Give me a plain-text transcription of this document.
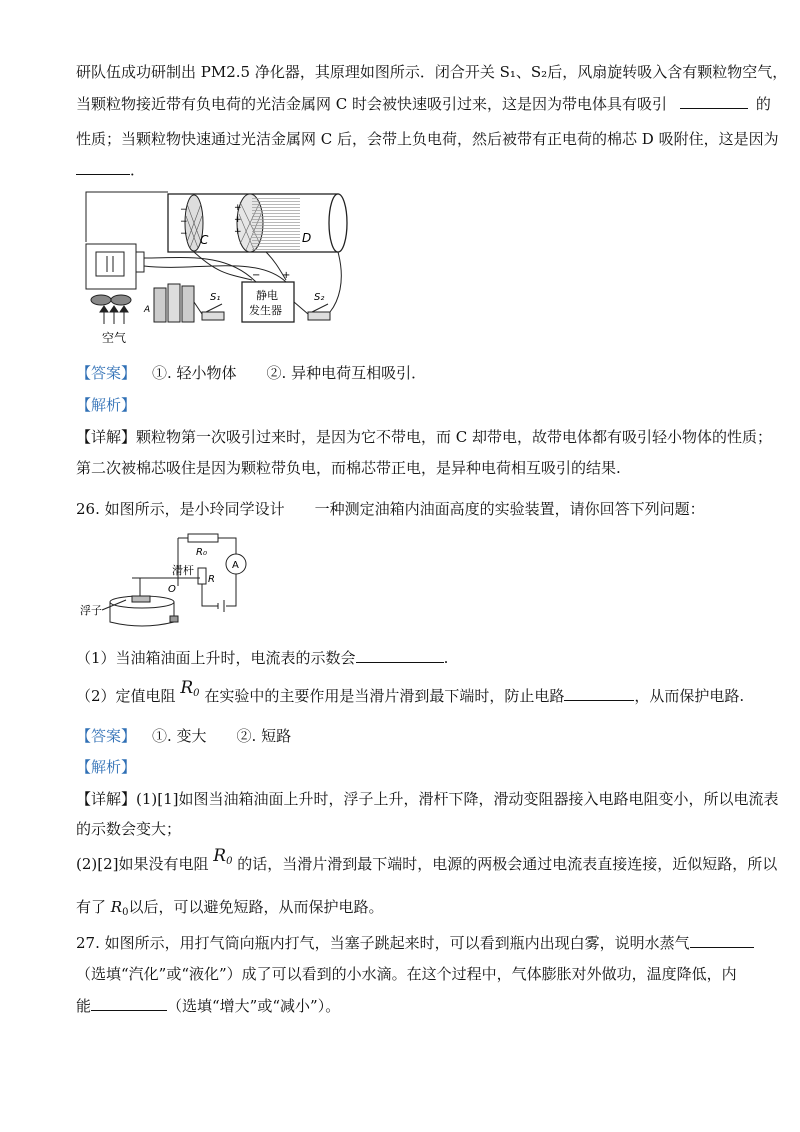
研队伍成功研制出 PM2.5 净化器，其原理如图所示．闭合开关 S₁、S₂后，风扇旋转吸入含有颗粒物空气，
当颗粒物接近带有负电荷的光洁金属网 C 时会被快速吸引过来，这是因为带电体具有吸引	的
性质；当颗粒物快速通过光洁金属网 C 后，会带上负电荷，然后被带有正电荷的棉芯 D 吸附住，这是因为
．
−
−
− C
+
+
+	D
A
S₁	静电
发生器
− +
S₂
空气
【答案】 ①. 轻小物体　　②. 异种电荷互相吸引．
【解析】
【详解】颗粒物第一次吸引过来时，是因为它不带电，而 C 却带电，故带电体都有吸引轻小物体的性质；
第二次被棉芯吸住是因为颗粒带负电，而棉芯带正电，是异种电荷相互吸引的结果.
26. 如图所示，是小玲同学设计　　一种测定油箱内油面高度的实验装置，请你回答下列问题：
R₀
A
滑杆
R
O
浮子
（1）当油箱油面上升时，电流表的示数会	.
（2）定值电阻 $R_0$ 在实验中的主要作用是当滑片滑到最下端时，防止电路	，从而保护电路.
【答案】 ①. 变大　　②. 短路
【解析】
【详解】(1)[1]如图当油箱油面上升时，浮子上升，滑杆下降，滑动变阻器接入电路电阻变小，所以电流表
的示数会变大；
(2)[2]如果没有电阻 $R_0$ 的话，当滑片滑到最下端时，电源的两极会通过电流表直接连接，近似短路，所以
有了 $R_0$以后，可以避免短路，从而保护电路。
27. 如图所示，用打气筒向瓶内打气，当塞子跳起来时，可以看到瓶内出现白雾，说明水蒸气
（选填“汽化”或“液化”）成了可以看到的小水滴。在这个过程中，气体膨胀对外做功，温度降低，内
能	（选填“增大”或“减小”）。
